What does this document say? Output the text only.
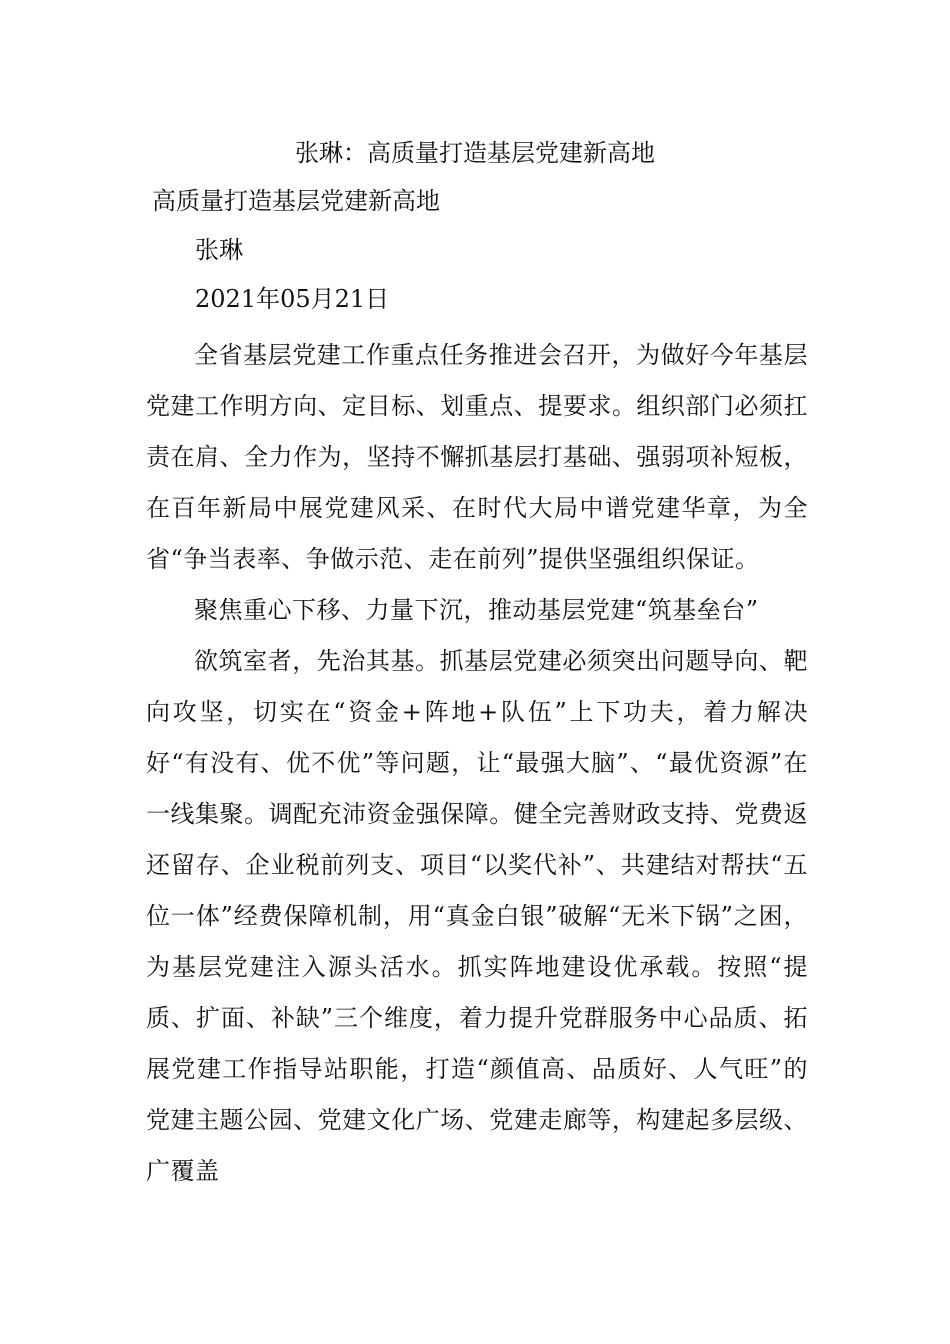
张琳：高质量打造基层党建新高地
高质量打造基层党建新高地
张琳
2021年05月21日

全省基层党建工作重点任务推进会召开，为做好今年基层党建工作明方向、定目标、划重点、提要求。组织部门必须扛责在肩、全力作为，坚持不懈抓基层打基础、强弱项补短板，在百年新局中展党建风采、在时代大局中谱党建华章，为全省“争当表率、争做示范、走在前列”提供坚强组织保证。

聚焦重心下移、力量下沉，推动基层党建“筑基垒台”

欲筑室者，先治其基。抓基层党建必须突出问题导向、靶向攻坚，切实在“资金+阵地+队伍”上下功夫，着力解决好“有没有、优不优”等问题，让“最强大脑”、“最优资源”在一线集聚。调配充沛资金强保障。健全完善财政支持、党费返还留存、企业税前列支、项目“以奖代补”、共建结对帮扶“五位一体”经费保障机制，用“真金白银”破解“无米下锅”之困，为基层党建注入源头活水。抓实阵地建设优承载。按照“提质、扩面、补缺”三个维度，着力提升党群服务中心品质、拓展党建工作指导站职能，打造“颜值高、品质好、人气旺”的党建主题公园、党建文化广场、党建走廊等，构建起多层级、广覆盖
